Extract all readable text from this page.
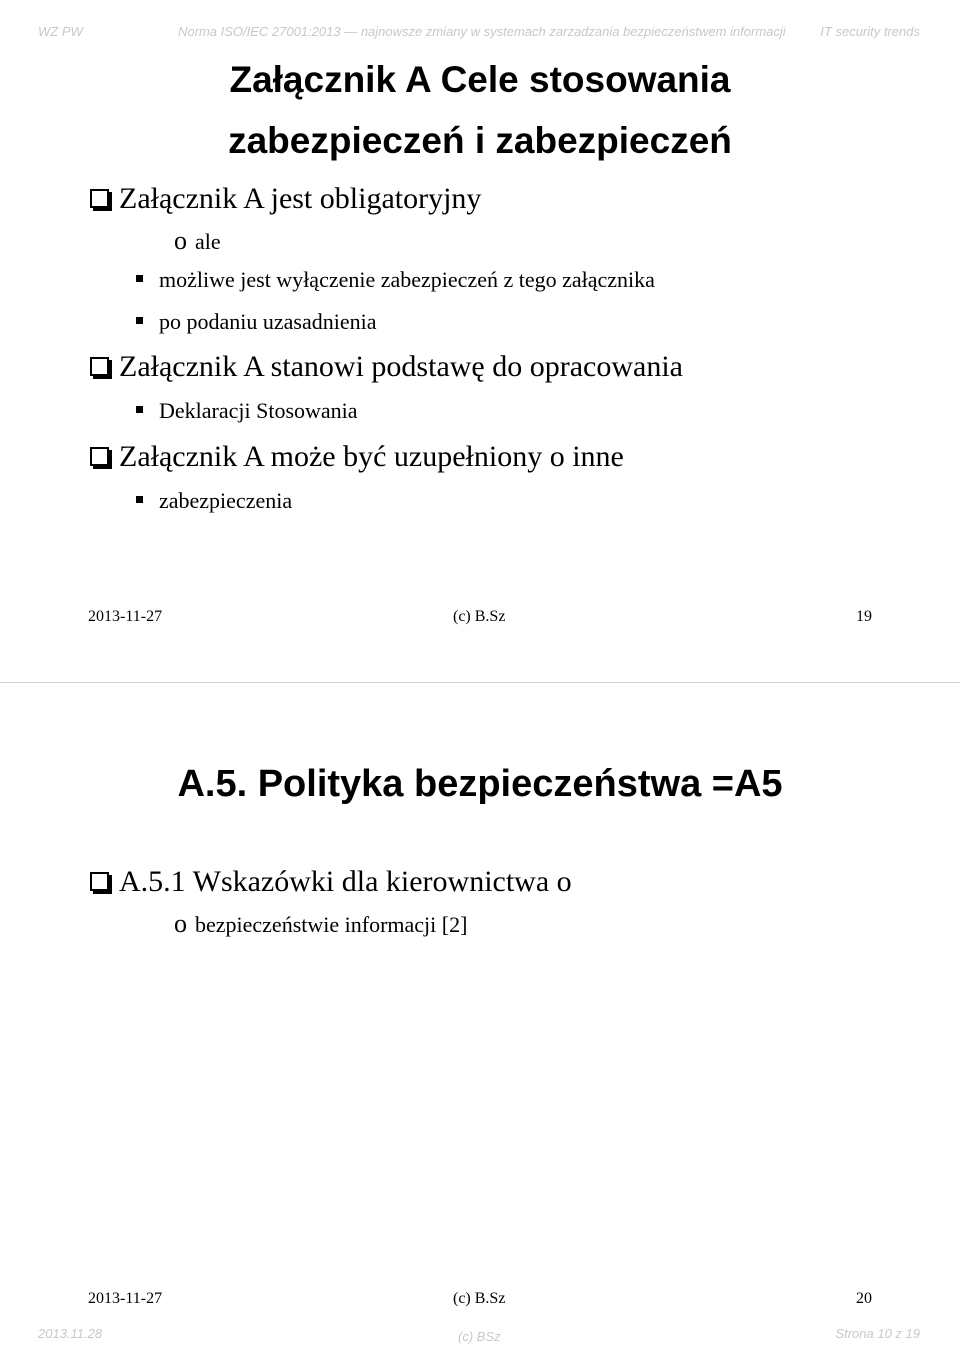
WZ PW	Norma ISO/IEC 27001:2013 — najnowsze zmiany w systemach zarzadzania bezpieczeństwem informacji	IT security trends
Załącznik A Cele stosowania
zabezpieczeń i zabezpieczeń
Załącznik A jest obligatoryjny
o ale
możliwe jest wyłączenie zabezpieczeń z tego załącznika
po podaniu uzasadnienia
Załącznik A stanowi podstawę do opracowania
Deklaracji Stosowania
Załącznik A może być uzupełniony o inne
zabezpieczenia
2013-11-27	(c) B.Sz	19
A.5. Polityka bezpieczeństwa =A5
A.5.1 Wskazówki dla kierownictwa o
o bezpieczeństwie informacji [2]
2013-11-27	(c) B.Sz	20
2013.11.28	(c) BSz	Strona 10 z 19
